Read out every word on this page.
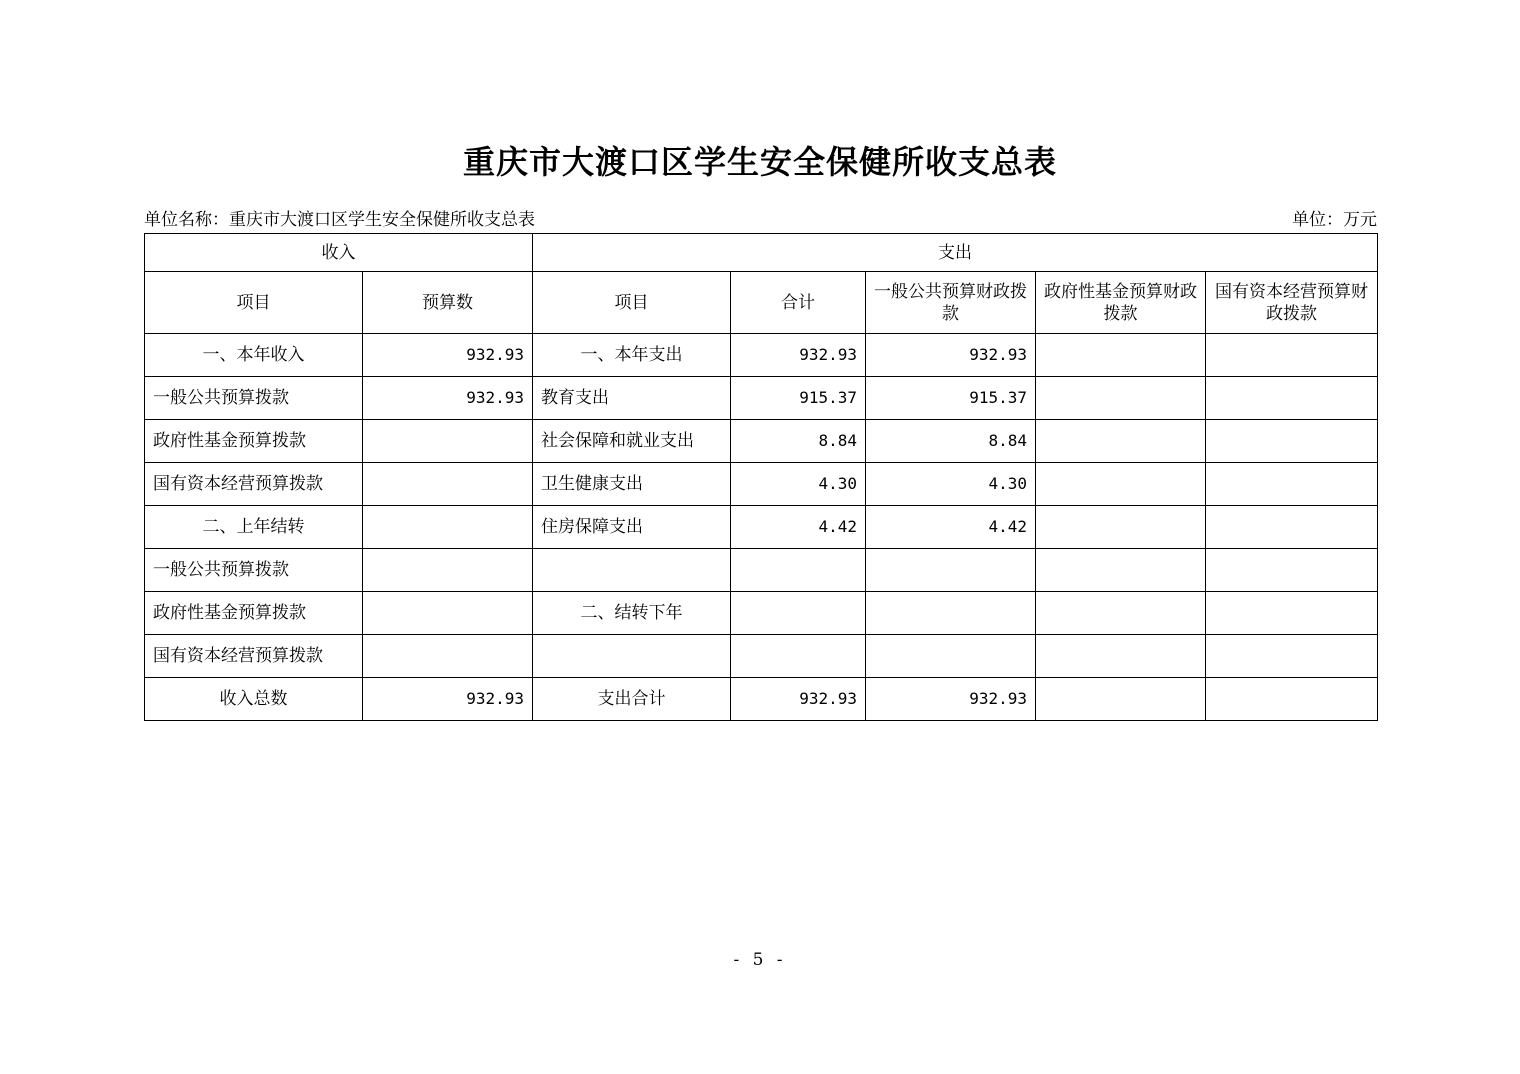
重庆市大渡口区学生安全保健所收支总表
单位名称：重庆市大渡口区学生安全保健所收支总表	单位：万元
收入		支出				
项目	预算数	项目	合计	一般公共预算财政拨款	政府性基金预算财政拨款	国有资本经营预算财政拨款
一、本年收入	932.93	一、本年支出	932.93	932.93		
一般公共预算拨款	932.93	教育支出	915.37	915.37		
政府性基金预算拨款		社会保障和就业支出	8.84	8.84		
国有资本经营预算拨款		卫生健康支出	4.30	4.30		
二、上年结转		住房保障支出	4.42	4.42		
一般公共预算拨款						
政府性基金预算拨款		二、结转下年				
国有资本经营预算拨款						
收入总数	932.93	支出合计	932.93	932.93		
- 5 -
